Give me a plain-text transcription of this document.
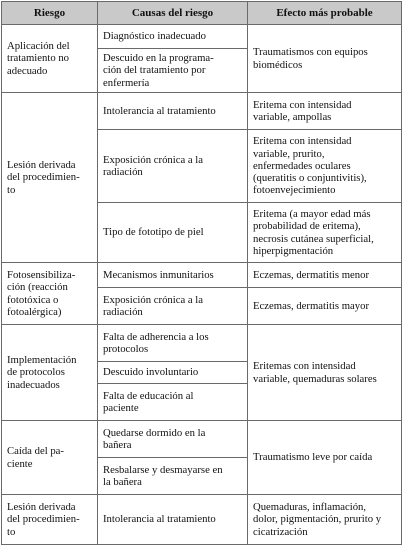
Riesgo	Causas del riesgo	Efecto más probable
Aplicación del
tratamiento no
adecuado	Diagnóstico inadecuado	Traumatismos con equipos
biomédicos
	Descuido en la programa-
ción del tratamiento por
enfermería	
Lesión derivada
del procedimien-
to	Intolerancia al tratamiento	Eritema con intensidad
variable, ampollas
	Exposición crónica a la
radiación	Eritema con intensidad
variable, prurito,
enfermedades oculares
(queratitis o conjuntivitis),
fotoenvejecimiento
	Tipo de fototipo de piel	Eritema (a mayor edad más
probabilidad de eritema),
necrosis cutánea superficial,
hiperpigmentación
Fotosensibiliza-
ción (reacción
fototóxica o
fotoalérgica)	Mecanismos inmunitarios	Eczemas, dermatitis menor
	Exposición crónica a la
radiación	Eczemas, dermatitis mayor
Implementación
de protocolos
inadecuados	Falta de adherencia a los
protocolos	Eritemas con intensidad
variable, quemaduras solares
	Descuido involuntario	
	Falta de educación al
paciente	
Caída del pa-
ciente	Quedarse dormido en la
bañera	Traumatismo leve por caída
	Resbalarse y desmayarse en
la bañera	
Lesión derivada
del procedimien-
to	Intolerancia al tratamiento	Quemaduras, inflamación,
dolor, pigmentación, prurito y
cicatrización
